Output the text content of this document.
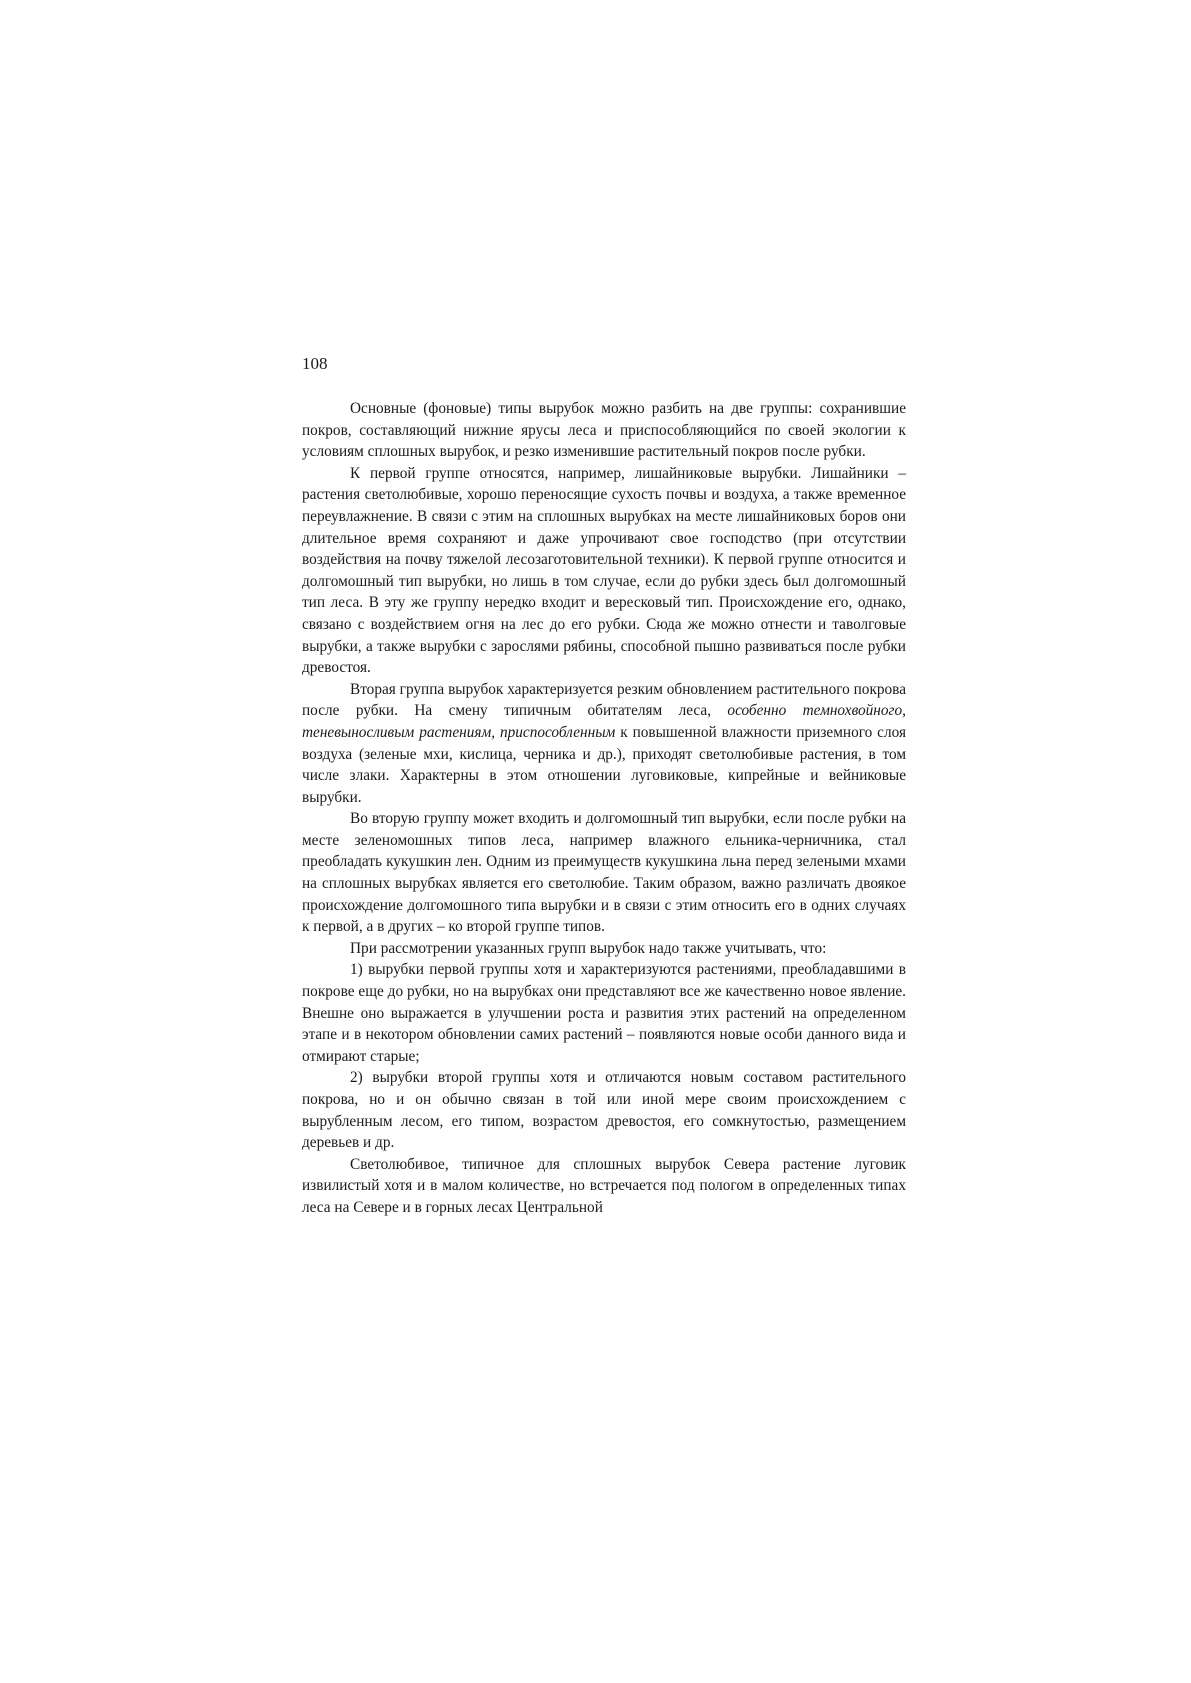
108

Основные (фоновые) типы вырубок можно разбить на две группы: сохранившие покров, составляющий нижние ярусы леса и приспособляющийся по своей экологии к условиям сплошных вырубок, и резко изменившие растительный покров после рубки.

К первой группе относятся, например, лишайниковые вырубки. Лишайники – растения светолюбивые, хорошо переносящие сухость почвы и воздуха, а также временное переувлажнение. В связи с этим на сплошных вырубках на месте лишайниковых боров они длительное время сохраняют и даже упрочивают свое господство (при отсутствии воздействия на почву тяжелой лесозаготовительной техники). К первой группе относится и долгомошный тип вырубки, но лишь в том случае, если до рубки здесь был долгомошный тип леса. В эту же группу нередко входит и вересковый тип. Происхождение его, однако, связано с воздействием огня на лес до его рубки. Сюда же можно отнести и таволговые вырубки, а также вырубки с зарослями рябины, способной пышно развиваться после рубки древостоя.

Вторая группа вырубок характеризуется резким обновлением растительного покрова после рубки. На смену типичным обитателям леса, особенно темнохвойного, теневыносливым растениям, приспособленным к повышенной влажности приземного слоя воздуха (зеленые мхи, кислица, черника и др.), приходят светолюбивые растения, в том числе злаки. Характерны в этом отношении луговиковые, кипрейные и вейниковые вырубки.

Во вторую группу может входить и долгомошный тип вырубки, если после рубки на месте зеленомошных типов леса, например влажного ельника-черничника, стал преобладать кукушкин лен. Одним из преимуществ кукушкина льна перед зелеными мхами на сплошных вырубках является его светолюбие. Таким образом, важно различать двоякое происхождение долгомошного типа вырубки и в связи с этим относить его в одних случаях к первой, а в других – ко второй группе типов.

При рассмотрении указанных групп вырубок надо также учитывать, что:

1) вырубки первой группы хотя и характеризуются растениями, преобладавшими в покрове еще до рубки, но на вырубках они представляют все же качественно новое явление. Внешне оно выражается в улучшении роста и развития этих растений на определенном этапе и в некотором обновлении самих растений – появляются новые особи данного вида и отмирают старые;

2) вырубки второй группы хотя и отличаются новым составом растительного покрова, но и он обычно связан в той или иной мере своим происхождением с вырубленным лесом, его типом, возрастом древостоя, его сомкнутостью, размещением деревьев и др.

Светолюбивое, типичное для сплошных вырубок Севера растение луговик извилистый хотя и в малом количестве, но встречается под пологом в определенных типах леса на Севере и в горных лесах Центральной
